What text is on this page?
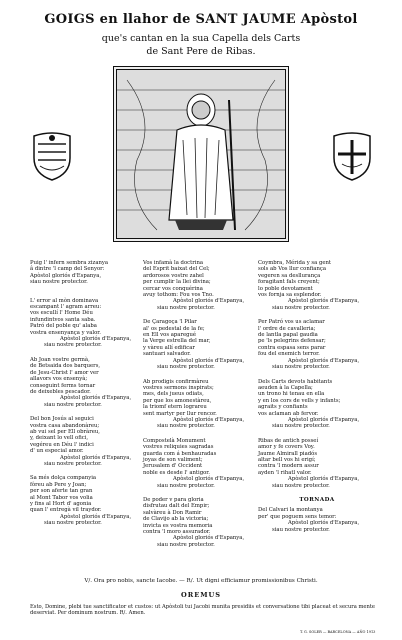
GOIGS en llahor de SANT JAUME Apòstol
que's cantan en la sua Capella dels Carts
de Sant Pere de Ribas.
Puig l' infern sembra zizanya
â dintre 'l camp del Senyor:
Apòstol gloriós d'Espanya,
siau nostre protector.
L' error al mòn dominava
escampant l' agram arreu:
vos escullí l' Home Déu
infundintvos santa saba.
Patró del poble qu' alaba
vostra ensenyança y valor.
Apòstol gloriós d'Espanya,
siau nostre protector.
Ab Joan vostre germà,
de Betsaida dos barquers,
de Jesu-Christ l' amor ver
allavors vos ensenyà;
conseguint ferms tornar
de deixebles pescador.
Apòstol gloriós d'Espanya,
siau nostre protector.
Del bon Josús al seguici
vostra casa abandonàreu;
ab vui sel per Ell obràreu,
y, deixant lo vell ofici,
vegéreu en Déu l' indici
d' un especial amor.
Apòstol gloriós d'Espanya,
siau nostre protector.
Sa més dolça companyia
fòreu ab Pere y Joan;
per son aferte tan gran
al Mont Tabor vos volia
y fins al Hort d' agonia
quan l' entregà vil traydor.
Apòstol gloriós d'Espanya,
siau nostre protector.
Vos infamà la doctrina
del Esprit baixat del Cel;
ardorosos vostre zahel
per cumplir la llei divina;
cercar vos conquérina
avuy tothom: Fou vos Tno.
Apòstol gloriós d'Espanya,
siau nostre protector.
De Çaragoça 'l Pilar
al' os pedestal de la fe;
en Ell vos aparegué
la Verge estrella del mar,
y vàreu allí edificar
santuari salvador.
Apòstol gloriós d'Espanya,
siau nostre protector.
Ab prodigis confirmàreu
vostres sermons inspirats;
mes, dels jueus odiats,
per que los amonestàreu,
la triomf etern lograreu
sent martyr per llur rencor.
Apòstol gloriós d'Espanya,
siau nostre protector.
Compostelà Monument
vostres reliquies sagradas
guarda com á benhauradas
joyas de son valiment;
Jerusalem d' Occident
noble es desde l' antigor.
Apòstol gloriós d'Espanya,
siau nostre protector.
De poder v para gloria
disfrutau dalt del Empir;
salvàreu à Don Ramir
de Clavijo ab la victoria;
invicta es vostra memoria
contra 'l moro assurador.
Apòstol gloriós d'Espanya,
siau nostre protector.
Coymbra, Mérida y sa gent
sols ab Vos llur confiança
vegeren sa desllurança
foragitant fals creyent;
lo poble devotament
vos fornja sa esplendor.
Apòstol gloriós d'Espanya,
siau nostre protector.
Per Patró vos us aclamar
l' ordre de cavalleria;
de lantla papal gaudia
pe 'ls pelegrins defensar;
contra espasa sens parar
fou del enemich terror.
Apòstol gloriós d'Espanya,
siau nostre protector.
Dels Carts devots habitants
aeuden à la Capella;
un trono hi tenau en ella
y en los cors de vells y infants;
agraits y confiants
vos aclaman ab fervor.
Apòstol gloriós d'Espanya,
siau nostre protector.
Ribas de antich posseí
amor y fe covers Voy.
Jaume Almirall piadós
altar bell vos hi erigí;
contra 'l modern assur
ayden 'l rihatl valor.
Apòstol gloriós d'Espanya,
siau nostre protector.
TORNADA
Del Calvari la montanya
per' que poguem sens temor:
Apòstol gloriós d'Espanya,
siau nostre protector.
V/. Ora pro nobis, sancte Iacobe. — R/. Ut digni efficiamur promissionibus Christi.
OREMUS
Esto, Domine, plebi tue sanctificator et custos: ut Apòstoli tui Jacobi munita presidiis et conversatione tibi placeat et secura mente deserviat. Per dominum nostrum. R/. Amen.
T. G. SOLER — BARCELONA — AÑO 1913
